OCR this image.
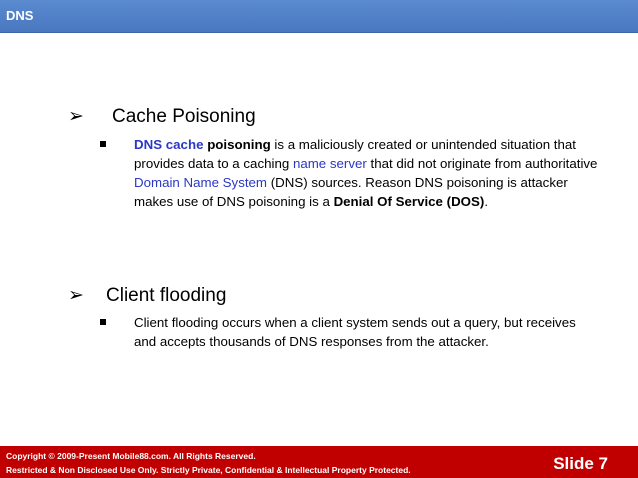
DNS
➢ Cache Poisoning
DNS cache poisoning is a maliciously created or unintended situation that provides data to a caching name server that did not originate from authoritative Domain Name System (DNS) sources. Reason DNS poisoning is attacker makes use of DNS poisoning is a Denial Of Service (DOS).
➢ Client flooding
Client flooding occurs when a client system sends out a query, but receives and accepts thousands of DNS responses from the attacker.
Copyright © 2009-Present Mobile88.com. All Rights Reserved.
Restricted & Non Disclosed Use Only. Strictly Private, Confidential & Intellectual Property Protected.	Slide 7
